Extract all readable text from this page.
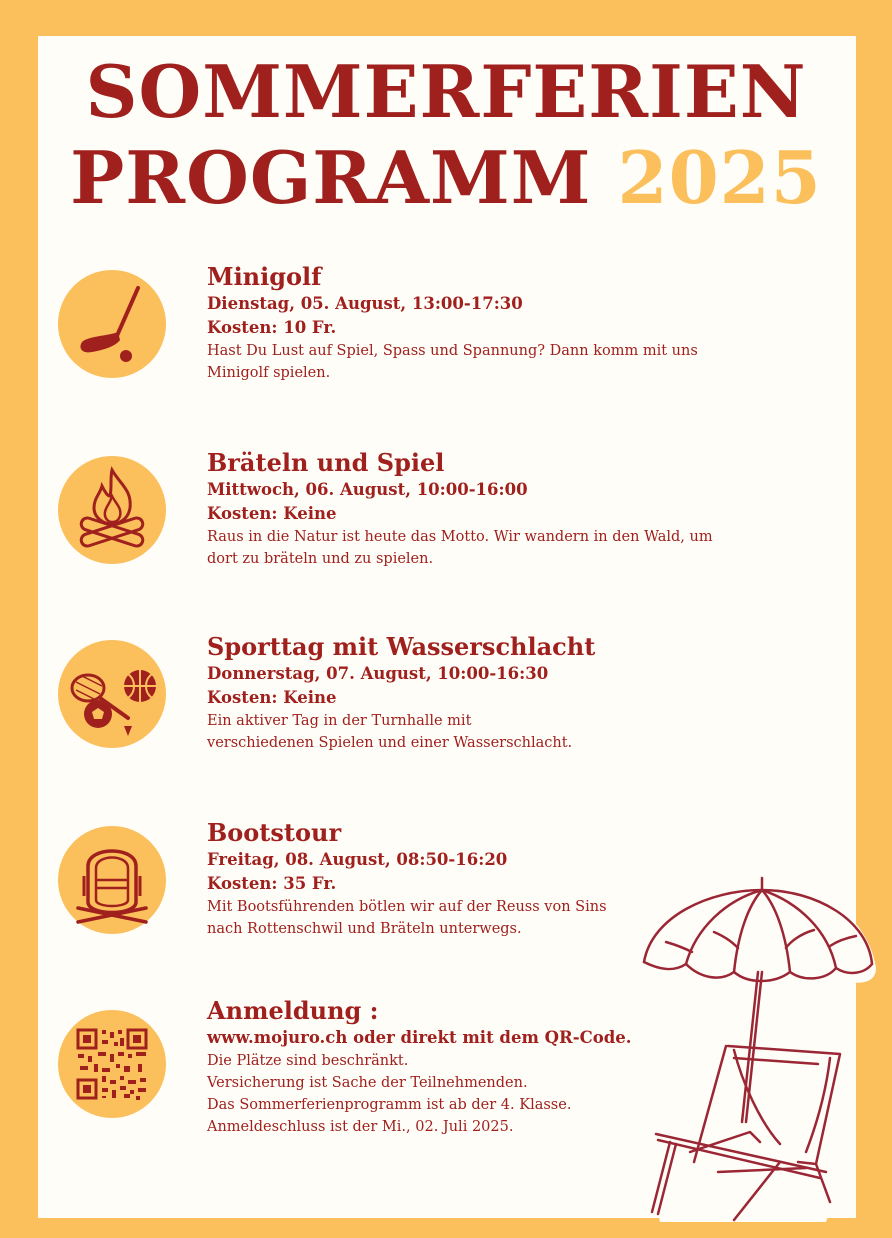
SOMMERFERIEN
PROGRAMM 2025
Minigolf
Dienstag, 05. August, 13:00-17:30
Kosten: 10 Fr.
Hast Du Lust auf Spiel, Spass und Spannung? Dann komm mit uns
Minigolf spielen.
Bräteln und Spiel
Mittwoch, 06. August, 10:00-16:00
Kosten: Keine
Raus in die Natur ist heute das Motto. Wir wandern in den Wald, um
dort zu bräteln und zu spielen.
Sporttag mit Wasserschlacht
Donnerstag, 07. August, 10:00-16:30
Kosten: Keine
Ein aktiver Tag in der Turnhalle mit
verschiedenen Spielen und einer Wasserschlacht.
Bootstour
Freitag, 08. August, 08:50-16:20
Kosten: 35 Fr.
Mit Bootsführenden bötlen wir auf der Reuss von Sins
nach Rottenschwil und Bräteln unterwegs.
Anmeldung :
www.mojuro.ch oder direkt mit dem QR-Code.
Die Plätze sind beschränkt.
Versicherung ist Sache der Teilnehmenden.
Das Sommerferienprogramm ist ab der 4. Klasse.
Anmeldeschluss ist der Mi., 02. Juli 2025.
